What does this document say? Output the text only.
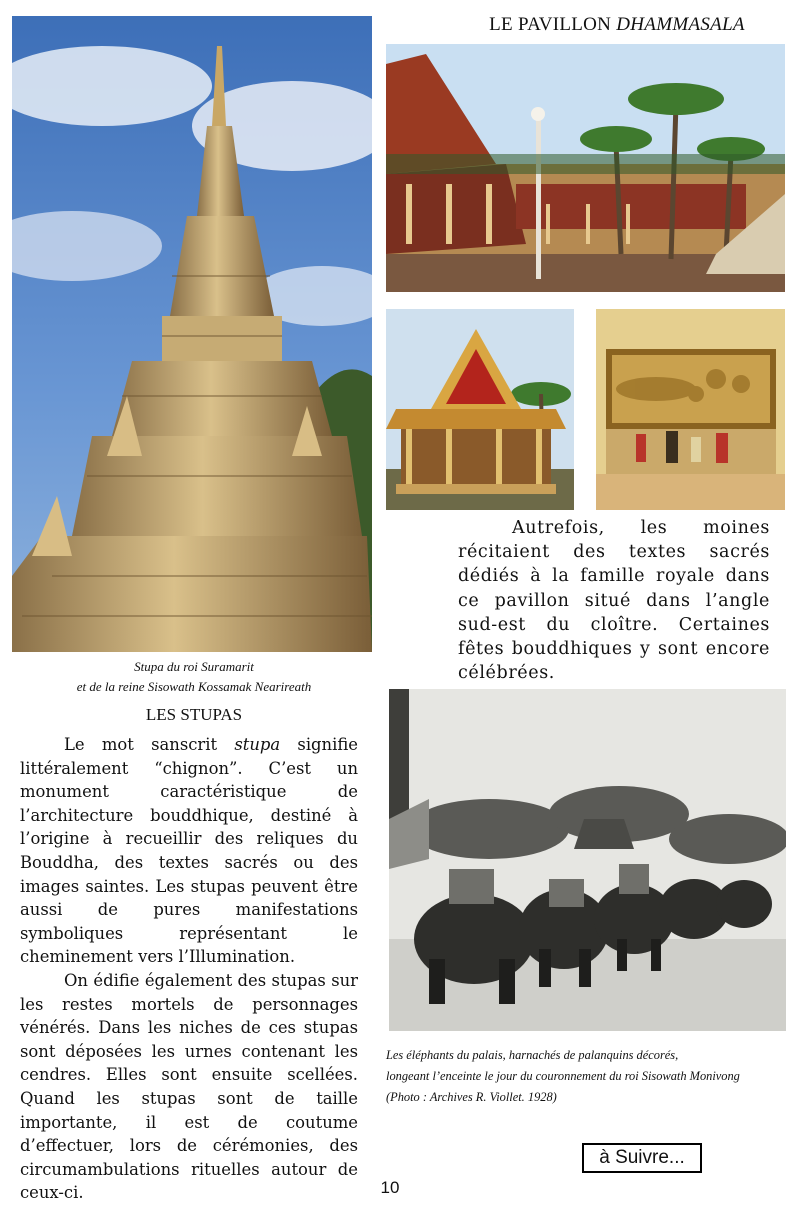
LE PAVILLON DHAMMASALA

Autrefois, les moines récitaient des textes sacrés dédiés à la famille royale dans ce pavillon situé dans l’angle sud-est du cloître. Certaines fêtes bouddhiques y sont encore célébrées.

Stupa du roi Suramarit
et de la reine Sisowath Kossamak Nearireath
LES STUPAS

Le mot sanscrit stupa signifie littéralement “chignon”. C’est un monument caractéristique de l’architecture bouddhique, destiné à l’origine à recueillir des reliques du Bouddha, des textes sacrés ou des images saintes. Les stupas peuvent être aussi de pures manifestations symboliques représentant le cheminement vers l’Illumination.

On édifie également des stupas sur les restes mortels de personnages vénérés. Dans les niches de ces stupas sont déposées les urnes contenant les cendres. Elles sont ensuite scellées. Quand les stupas sont de taille importante, il est de coutume d’effectuer, lors de cérémonies, des circumambulations rituelles autour de ceux-ci.

Les éléphants du palais, harnachés de palanquins décorés,
longeant l’enceinte le jour du couronnement du roi Sisowath Monivong
(Photo : Archives R. Viollet. 1928)
à Suivre...
10
